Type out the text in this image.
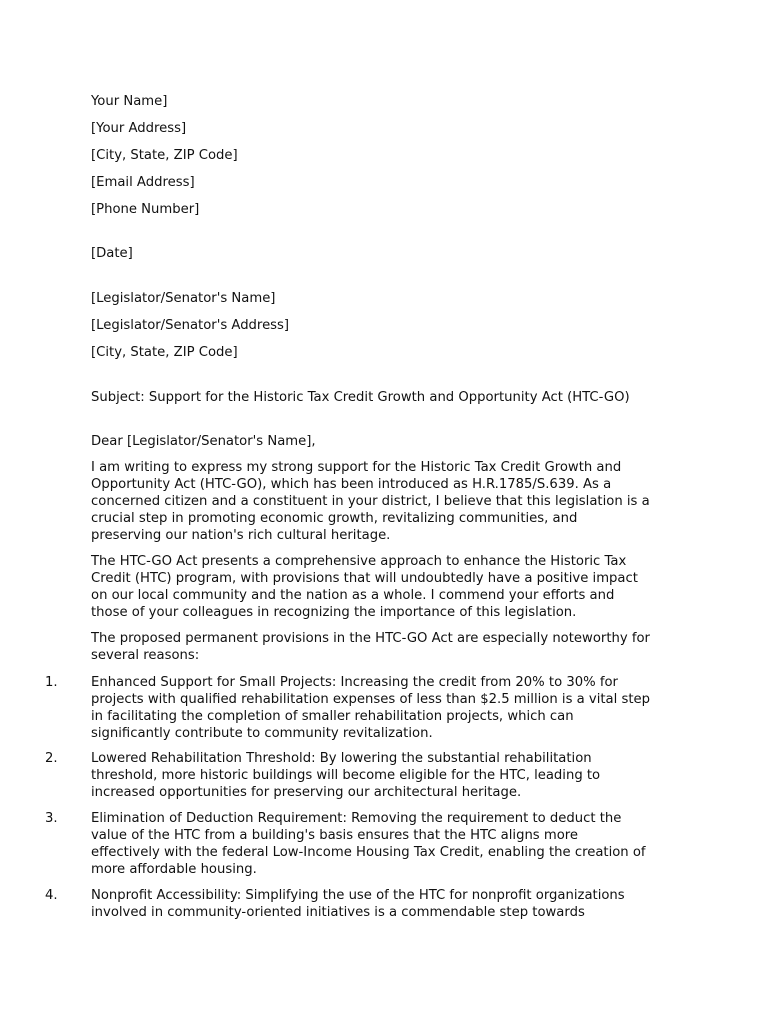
Your Name]
[Your Address]
[City, State, ZIP Code]
[Email Address]
[Phone Number]
[Date]
[Legislator/Senator's Name]
[Legislator/Senator's Address]
[City, State, ZIP Code]
Subject: Support for the Historic Tax Credit Growth and Opportunity Act (HTC-GO)
Dear [Legislator/Senator's Name],
I am writing to express my strong support for the Historic Tax Credit Growth and
Opportunity Act (HTC-GO), which has been introduced as H.R.1785/S.639. As a
concerned citizen and a constituent in your district, I believe that this legislation is a
crucial step in promoting economic growth, revitalizing communities, and
preserving our nation's rich cultural heritage.
The HTC-GO Act presents a comprehensive approach to enhance the Historic Tax
Credit (HTC) program, with provisions that will undoubtedly have a positive impact
on our local community and the nation as a whole. I commend your efforts and
those of your colleagues in recognizing the importance of this legislation.
The proposed permanent provisions in the HTC-GO Act are especially noteworthy for
several reasons:
1.	Enhanced Support for Small Projects: Increasing the credit from 20% to 30% for
projects with qualified rehabilitation expenses of less than $2.5 million is a vital step
in facilitating the completion of smaller rehabilitation projects, which can
significantly contribute to community revitalization.
2.	Lowered Rehabilitation Threshold: By lowering the substantial rehabilitation
threshold, more historic buildings will become eligible for the HTC, leading to
increased opportunities for preserving our architectural heritage.
3.	Elimination of Deduction Requirement: Removing the requirement to deduct the
value of the HTC from a building's basis ensures that the HTC aligns more
effectively with the federal Low-Income Housing Tax Credit, enabling the creation of
more affordable housing.
4.	Nonprofit Accessibility: Simplifying the use of the HTC for nonprofit organizations
involved in community-oriented initiatives is a commendable step towards
